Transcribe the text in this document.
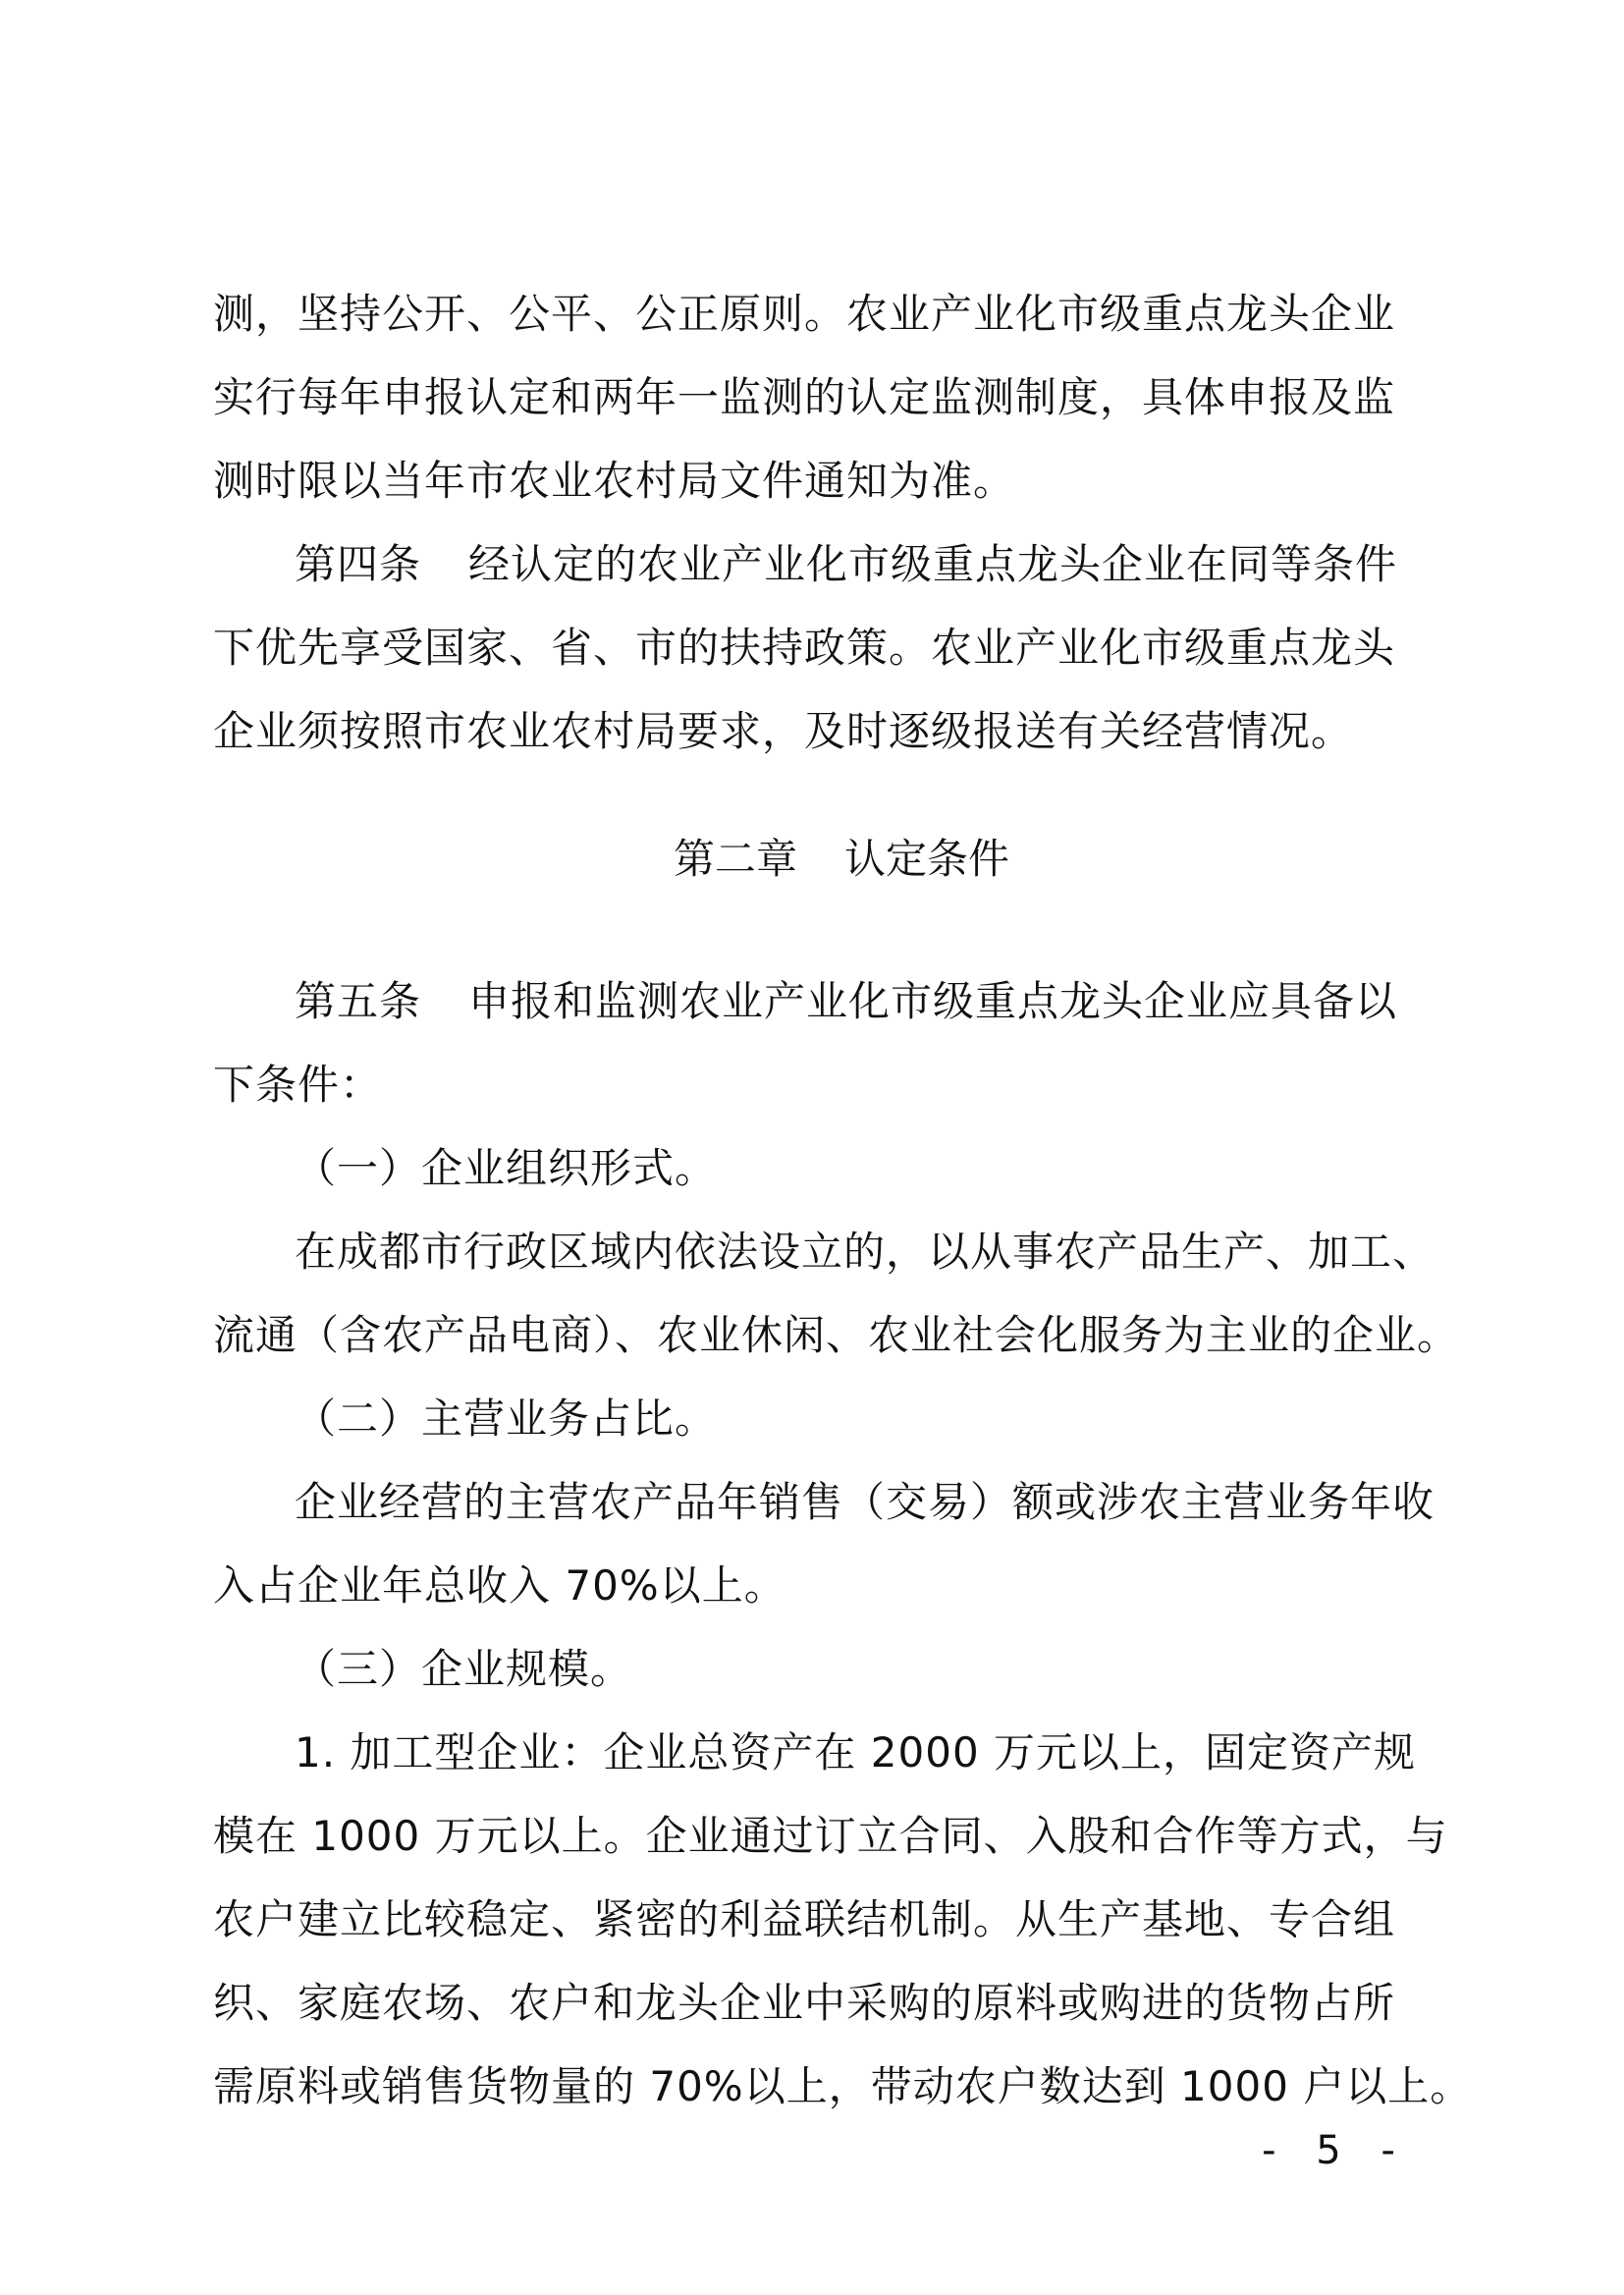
测，坚持公开、公平、公正原则。农业产业化市级重点龙头企业
实行每年申报认定和两年一监测的认定监测制度，具体申报及监
测时限以当年市农业农村局文件通知为准。
第四条 经认定的农业产业化市级重点龙头企业在同等条件
下优先享受国家、省、市的扶持政策。农业产业化市级重点龙头
企业须按照市农业农村局要求，及时逐级报送有关经营情况。
第二章 认定条件
第五条 申报和监测农业产业化市级重点龙头企业应具备以
下条件：
（一）企业组织形式。
在成都市行政区域内依法设立的，以从事农产品生产、加工、
流通（含农产品电商）、农业休闲、农业社会化服务为主业的企业。
（二）主营业务占比。
企业经营的主营农产品年销售（交易）额或涉农主营业务年收
入占企业年总收入 70%以上。
（三）企业规模。
1. 加工型企业：企业总资产在 2000 万元以上，固定资产规
模在 1000 万元以上。企业通过订立合同、入股和合作等方式，与
农户建立比较稳定、紧密的利益联结机制。从生产基地、专合组
织、家庭农场、农户和龙头企业中采购的原料或购进的货物占所
需原料或销售货物量的 70%以上，带动农户数达到 1000 户以上。
- 5 -
